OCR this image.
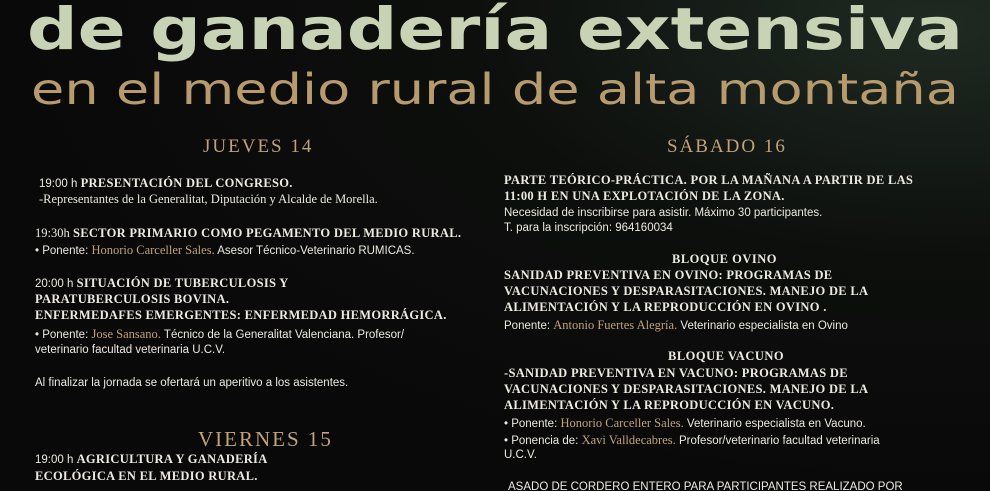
de ganadería extensiva
en el medio rural de alta montaña
JUEVES 14
19:00 h PRESENTACIÓN DEL CONGRESO.
-Representantes de la Generalitat, Diputación y Alcalde de Morella.
19:30h SECTOR PRIMARIO COMO PEGAMENTO DEL MEDIO RURAL.
• Ponente: Honorio Carceller Sales. Asesor Técnico-Veterinario RUMICAS.
20:00 h SITUACIÓN DE TUBERCULOSIS Y
PARATUBERCULOSIS BOVINA.
ENFERMEDAFES EMERGENTES: ENFERMEDAD HEMORRÁGICA.
• Ponente: Jose Sansano. Técnico de la Generalitat Valenciana. Profesor/
veterinario facultad veterinaria U.C.V.
Al finalizar la jornada se ofertará un aperitivo a los asistentes.
VIERNES 15
19:00 h AGRICULTURA Y GANADERÍA
ECOLÓGICA EN EL MEDIO RURAL.
SÁBADO 16
PARTE TEÓRICO-PRÁCTICA. POR LA MAÑANA A PARTIR DE LAS
11:00 H EN UNA EXPLOTACIÓN DE LA ZONA.
Necesidad de inscribirse para asistir. Máximo 30 participantes.
T. para la inscripción: 964160034
BLOQUE OVINO
SANIDAD PREVENTIVA EN OVINO: PROGRAMAS DE
VACUNACIONES Y DESPARASITACIONES. MANEJO DE LA
ALIMENTACIÓN Y LA REPRODUCCIÓN EN OVINO .
Ponente: Antonio Fuertes Alegría. Veterinario especialista en Ovino
BLOQUE VACUNO
-SANIDAD PREVENTIVA EN VACUNO: PROGRAMAS DE
VACUNACIONES Y DESPARASITACIONES. MANEJO DE LA
ALIMENTACIÓN Y LA REPRODUCCIÓN EN VACUNO.
• Ponente: Honorio Carceller Sales. Veterinario especialista en Vacuno.
• Ponencia de: Xavi Valldecabres. Profesor/veterinario facultad veterinaria
U.C.V.
ASADO DE CORDERO ENTERO PARA PARTICIPANTES REALIZADO POR
